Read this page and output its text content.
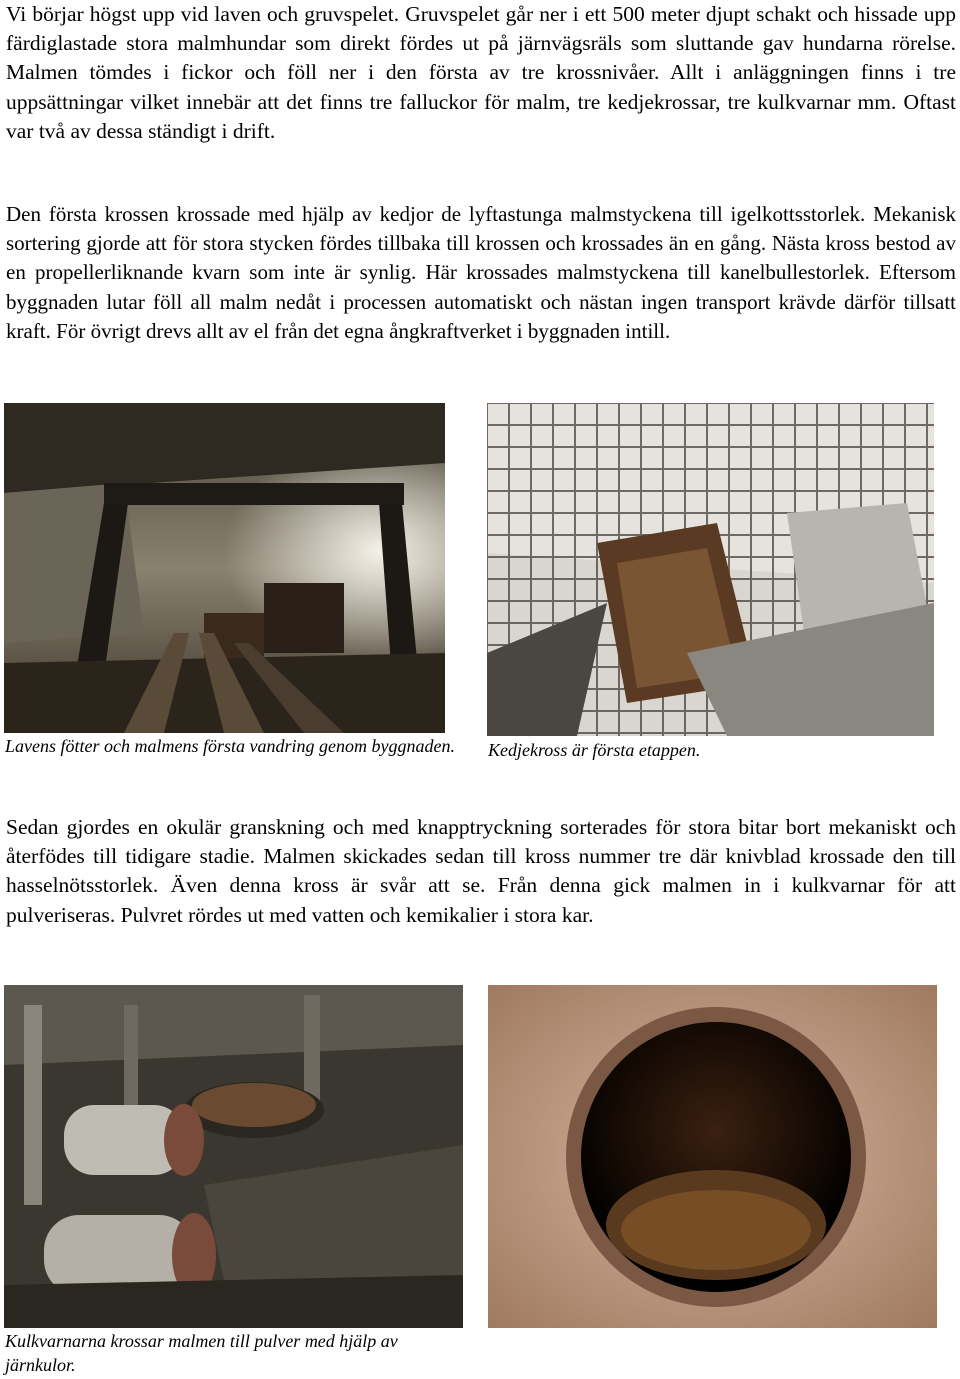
Vi börjar högst upp vid laven och gruvspelet. Gruvspelet går ner i ett 500 meter djupt schakt och hissade upp färdiglastade stora malmhundar som direkt fördes ut på järnvägsräls som sluttande gav hundarna rörelse. Malmen tömdes i fickor och föll ner i den första av tre krossnivåer. Allt i anläggningen finns i tre uppsättningar vilket innebär att det finns tre falluckor för malm, tre kedjekrossar, tre kulkvarnar mm. Oftast var två av dessa ständigt i drift.

Den första krossen krossade med hjälp av kedjor de lyftastunga malmstyckena till igelkottsstorlek. Mekanisk sortering gjorde att för stora stycken fördes tillbaka till krossen och krossades än en gång. Nästa kross bestod av en propellerliknande kvarn som inte är synlig. Här krossades malmstyckena till kanelbullestorlek. Eftersom byggnaden lutar föll all malm nedåt i processen automatiskt och nästan ingen transport krävde därför tillsatt kraft. För övrigt drevs allt av el från det egna ångkraftverket i byggnaden intill.

Lavens fötter och malmens första vandring genom byggnaden.	Kedjekross är första etappen.

Sedan gjordes en okulär granskning och med knapptryckning sorterades för stora bitar bort mekaniskt och återfödes till tidigare stadie. Malmen skickades sedan till kross nummer tre där knivblad krossade den till hasselnötsstorlek. Även denna kross är svår att se. Från denna gick malmen in i kulkvarnar för att pulveriseras. Pulvret rördes ut med vatten och kemikalier i stora kar.

Kulkvarnarna krossar malmen till pulver med hjälp av järnkulor.
